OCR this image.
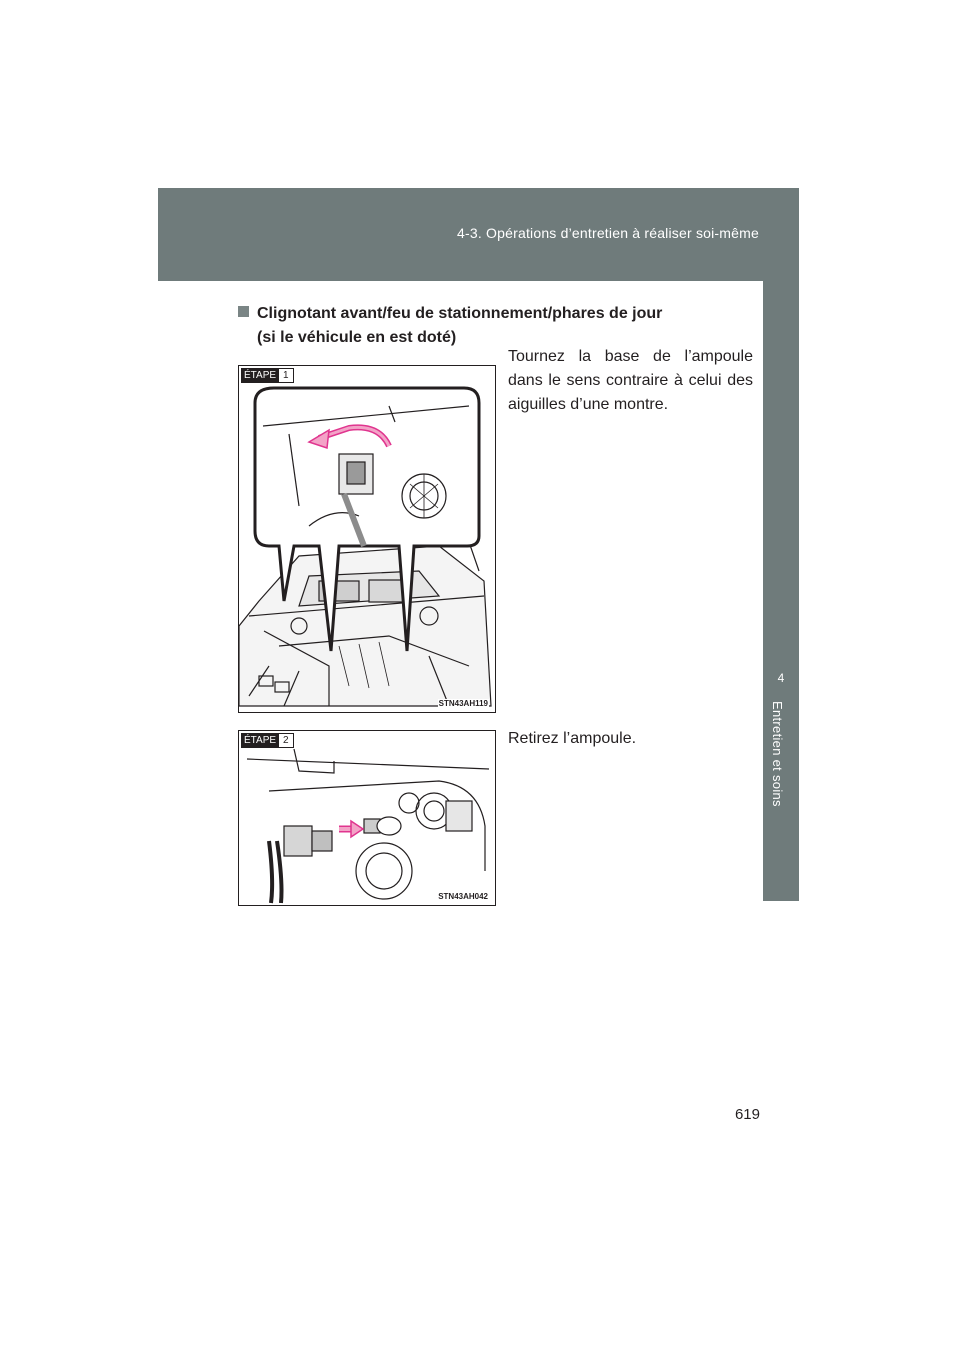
4-3. Opérations d’entretien à réaliser soi-même
4
Entretien et soins
Clignotant avant/feu de stationnement/phares de jour
(si le véhicule en est doté)
ÉTAPE 1
STN43AH119
Tournez la base de l’ampoule dans le sens contraire à celui des aiguilles d’une montre.
ÉTAPE 2
STN43AH042
Retirez l’ampoule.
619
